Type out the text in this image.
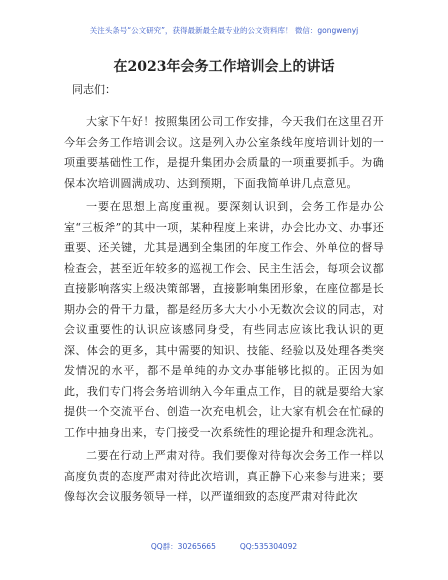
关注头条号“公文研究”，获得最新最全最专业的公文资料库！ 微信：gongwenyj
在2023年会务工作培训会上的讲话
同志们：

大家下午好！按照集团公司工作安排，今天我们在这里召开今年会务工作培训会议。这是列入办公室条线年度培训计划的一项重要基础性工作，是提升集团办会质量的一项重要抓手。为确保本次培训圆满成功、达到预期，下面我简单讲几点意见。

一要在思想上高度重视。要深刻认识到，会务工作是办公室“三板斧”的其中一项，某种程度上来讲，办会比办文、办事还重要、还关键，尤其是遇到全集团的年度工作会、外单位的督导检查会，甚至近年较多的巡视工作会、民主生活会，每项会议都直接影响落实上级决策部署，直接影响集团形象，在座位都是长期办会的骨干力量，都是经历多大大小小无数次会议的同志，对会议重要性的认识应该感同身受，有些同志应该比我认识的更深、体会的更多，其中需要的知识、技能、经验以及处理各类突发情况的水平，都不是单纯的办文办事能够比拟的。正因为如此，我们专门将会务培训纳入今年重点工作，目的就是要给大家提供一个交流平台、创造一次充电机会，让大家有机会在忙碌的工作中抽身出来，专门接受一次系统性的理论提升和理念洗礼。

二要在行动上严肃对待。我们要像对待每次会务工作一样以高度负责的态度严肃对待此次培训，真正静下心来参与进来；要像每次会议服务领导一样，以严谨细致的态度严肃对待此次

QQ群：30265665	QQ:535304092
